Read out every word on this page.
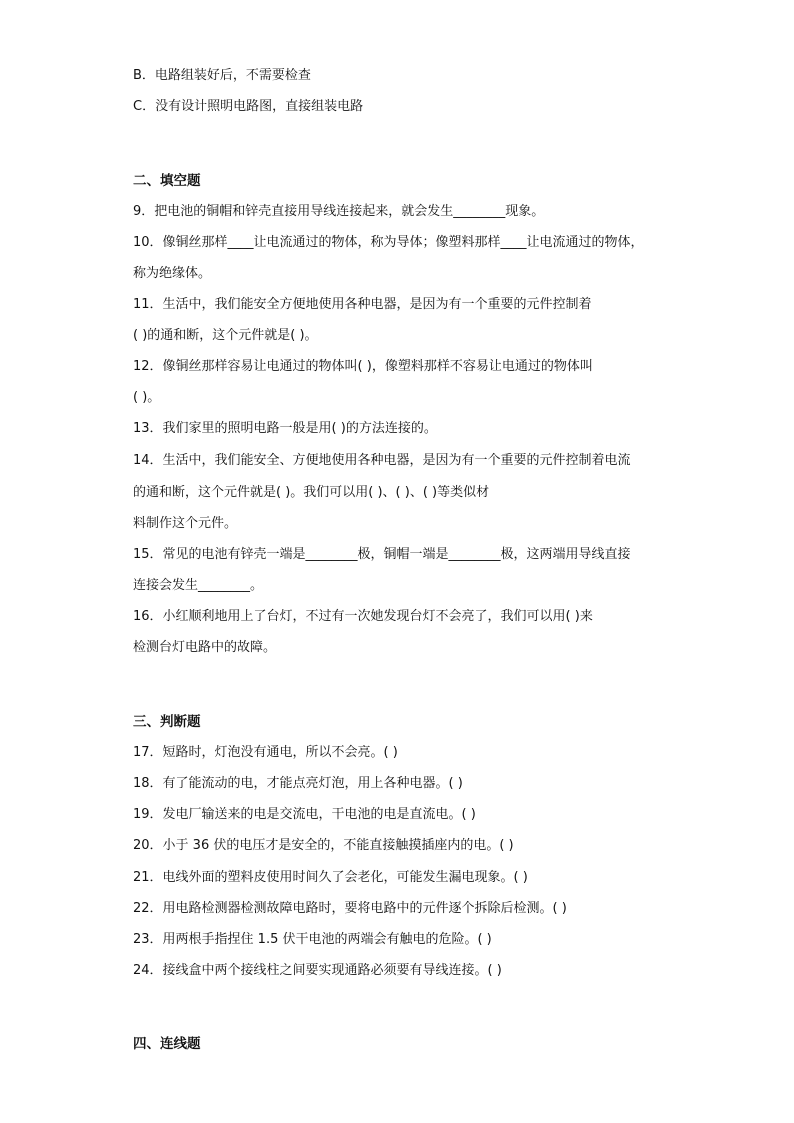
B．电路组装好后，不需要检查
C．没有设计照明电路图，直接组装电路
二、填空题
9．把电池的铜帽和锌壳直接用导线连接起来，就会发生________现象。
10．像铜丝那样____让电流通过的物体，称为导体；像塑料那样____让电流通过的物体，
称为绝缘体。
11．生活中，我们能安全方便地使用各种电器，是因为有一个重要的元件控制着
( )的通和断，这个元件就是( )。
12．像铜丝那样容易让电通过的物体叫( )，像塑料那样不容易让电通过的物体叫
( )。
13．我们家里的照明电路一般是用( )的方法连接的。
14．生活中，我们能安全、方便地使用各种电器，是因为有一个重要的元件控制着电流
的通和断，这个元件就是( )。我们可以用( )、( )、( )等类似材
料制作这个元件。
15．常见的电池有锌壳一端是________极，铜帽一端是________极，这两端用导线直接
连接会发生________。
16．小红顺利地用上了台灯，不过有一次她发现台灯不会亮了，我们可以用( )来
检测台灯电路中的故障。
三、判断题
17．短路时，灯泡没有通电，所以不会亮。( )
18．有了能流动的电，才能点亮灯泡，用上各种电器。( )
19．发电厂输送来的电是交流电，干电池的电是直流电。( )
20．小于 36 伏的电压才是安全的，不能直接触摸插座内的电。( )
21．电线外面的塑料皮使用时间久了会老化，可能发生漏电现象。( )
22．用电路检测器检测故障电路时，要将电路中的元件逐个拆除后检测。( )
23．用两根手指捏住 1.5 伏干电池的两端会有触电的危险。( )
24．接线盒中两个接线柱之间要实现通路必须要有导线连接。( )
四、连线题
